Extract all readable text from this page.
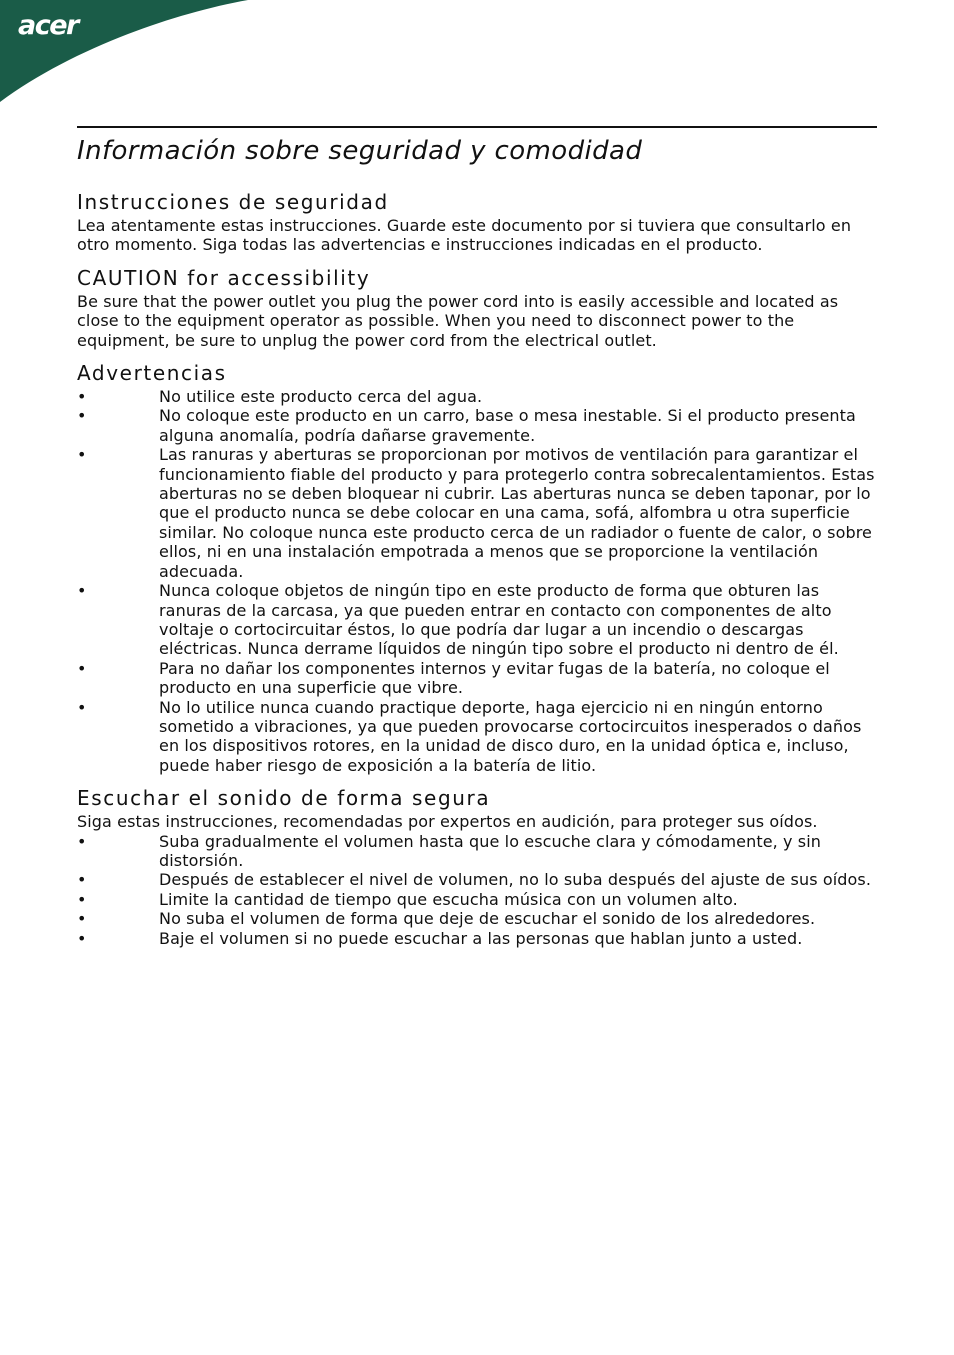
acer
Información sobre seguridad y comodidad
Instrucciones de seguridad

Lea atentamente estas instrucciones. Guarde este documento por si tuviera que consultarlo en otro momento. Siga todas las advertencias e instrucciones indicadas en el producto.

CAUTION for accessibility

Be sure that the power outlet you plug the power cord into is easily accessible and located as close to the equipment operator as possible. When you need to disconnect power to the equipment, be sure to unplug the power cord from the electrical outlet.

Advertencias
•	No utilice este producto cerca del agua.
•	No coloque este producto en un carro, base o mesa inestable. Si el producto presenta alguna anomalía, podría dañarse gravemente.
•	Las ranuras y aberturas se proporcionan por motivos de ventilación para garantizar el funcionamiento fiable del producto y para protegerlo contra sobrecalentamientos. Estas aberturas no se deben bloquear ni cubrir. Las aberturas nunca se deben taponar, por lo que el producto nunca se debe colocar en una cama, sofá, alfombra u otra superficie similar. No coloque nunca este producto cerca de un radiador o fuente de calor, o sobre ellos, ni en una instalación empotrada a menos que se proporcione la ventilación adecuada.
•	Nunca coloque objetos de ningún tipo en este producto de forma que obturen las ranuras de la carcasa, ya que pueden entrar en contacto con componentes de alto voltaje o cortocircuitar éstos, lo que podría dar lugar a un incendio o descargas eléctricas. Nunca derrame líquidos de ningún tipo sobre el producto ni dentro de él.
•	Para no dañar los componentes internos y evitar fugas de la batería, no coloque el producto en una superficie que vibre.
•	No lo utilice nunca cuando practique deporte, haga ejercicio ni en ningún entorno sometido a vibraciones, ya que pueden provocarse cortocircuitos inesperados o daños en los dispositivos rotores, en la unidad de disco duro, en la unidad óptica e, incluso, puede haber riesgo de exposición a la batería de litio.
Escuchar el sonido de forma segura

Siga estas instrucciones, recomendadas por expertos en audición, para proteger sus oídos.

•	Suba gradualmente el volumen hasta que lo escuche clara y cómodamente, y sin distorsión.
•	Después de establecer el nivel de volumen, no lo suba después del ajuste de sus oídos.
•	Limite la cantidad de tiempo que escucha música con un volumen alto.
•	No suba el volumen de forma que deje de escuchar el sonido de los alrededores.
•	Baje el volumen si no puede escuchar a las personas que hablan junto a usted.
